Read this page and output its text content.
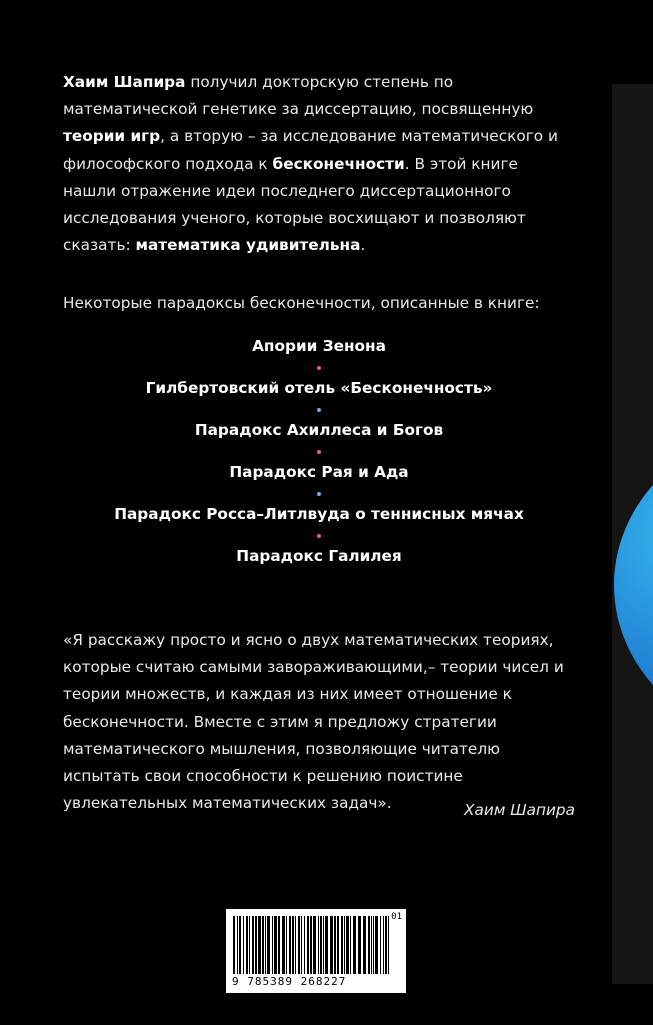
Хаим Шапира получил докторскую степень по математической генетике за диссертацию, посвященную теории игр, а вторую – за исследование математического и философского подхода к бесконечности. В этой книге нашли отражение идеи последнего диссертационного исследования ученого, которые восхищают и позволяют сказать: математика удивительна.

Некоторые парадоксы бесконечности, описанные в книге:

Апории Зенона
Гилбертовский отель «Бесконечность»
Парадокс Ахиллеса и Богов
Парадокс Рая и Ада
Парадокс Росса–Литлвуда о теннисных мячах
Парадокс Галилея

«Я расскажу просто и ясно о двух математических теориях, которые считаю самыми завораживающими,– теории чисел и теории множеств, и каждая из них имеет отношение к бесконечности. Вместе с этим я предложу стратегии математического мышления, позволяющие читателю испытать свои способности к решению поистине увлекательных математических задач».	Хаим Шапира
01
9 785389 268227
